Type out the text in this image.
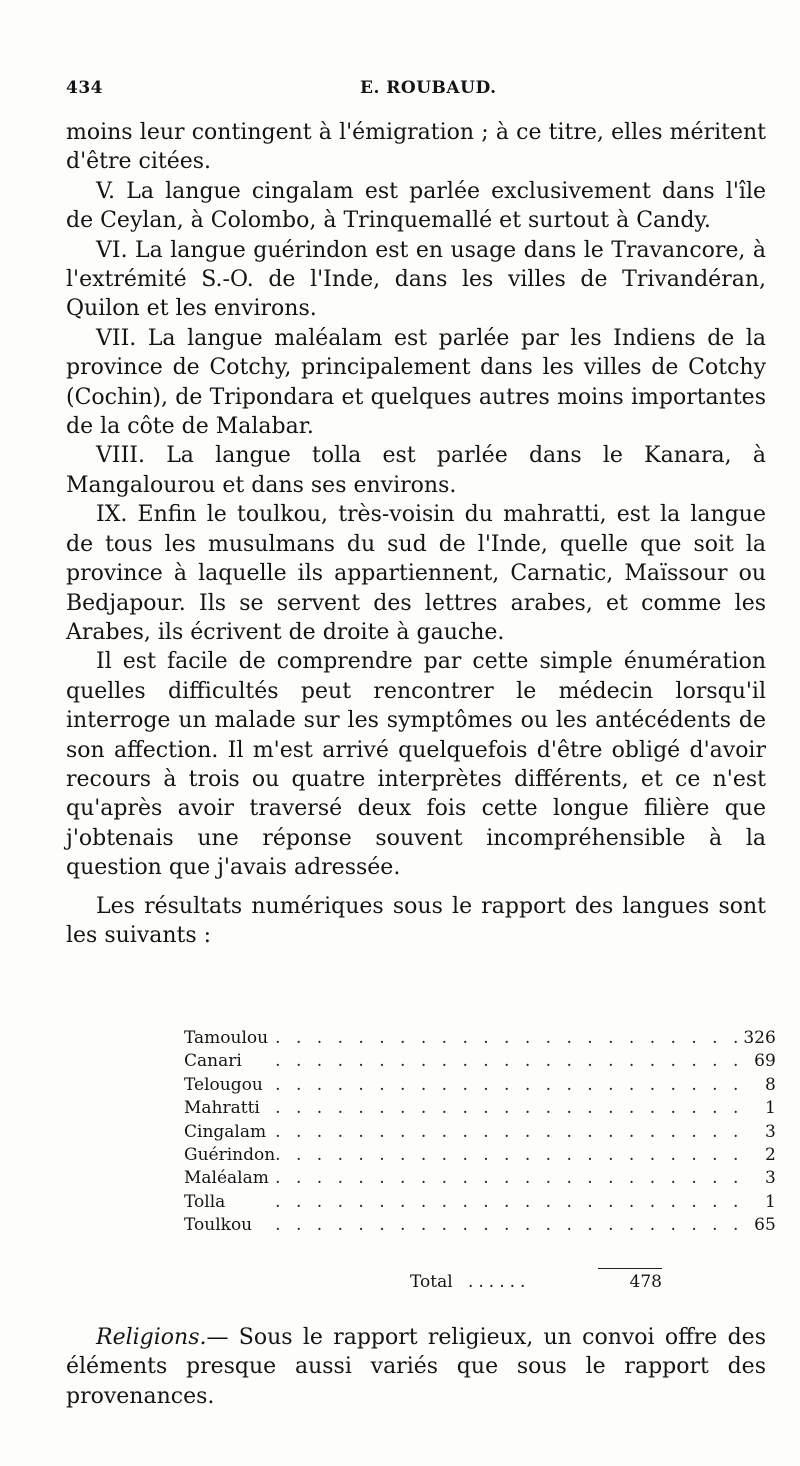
434	E. ROUBAUD.

moins leur contingent à l'émigration ; à ce titre, elles méritent d'être citées.

V. La langue cingalam est parlée exclusivement dans l'île de Ceylan, à Colombo, à Trinquemallé et surtout à Candy.

VI. La langue guérindon est en usage dans le Travancore, à l'extrémité S.-O. de l'Inde, dans les villes de Trivandéran, Quilon et les environs.

VII. La langue maléalam est parlée par les Indiens de la province de Cotchy, principalement dans les villes de Cotchy (Cochin), de Tripondara et quelques autres moins importantes de la côte de Malabar.

VIII. La langue tolla est parlée dans le Kanara, à Mangalourou et dans ses environs.

IX. Enfin le toulkou, très-voisin du mahratti, est la langue de tous les musulmans du sud de l'Inde, quelle que soit la province à laquelle ils appartiennent, Carnatic, Maïssour ou Bedjapour. Ils se servent des lettres arabes, et comme les Arabes, ils écrivent de droite à gauche.

Il est facile de comprendre par cette simple énumération quelles difficultés peut rencontrer le médecin lorsqu'il interroge un malade sur les symptômes ou les antécédents de son affection. Il m'est arrivé quelquefois d'être obligé d'avoir recours à trois ou quatre interprètes différents, et ce n'est qu'après avoir traversé deux fois cette longue filière que j'obtenais une réponse souvent incompréhensible à la question que j'avais adressée.

Les résultats numériques sous le rapport des langues sont les suivants :

Tamoulou	. . . . . . . . . . . . . . . . . . . . . . .	326
Canari	. . . . . . . . . . . . . . . . . . . . . . .	69
Telougou	. . . . . . . . . . . . . . . . . . . . . . .	8
Mahratti	. . . . . . . . . . . . . . . . . . . . . . .	1
Cingalam	. . . . . . . . . . . . . . . . . . . . . . .	3
Guérindon	. . . . . . . . . . . . . . . . . . . . . . .	2
Maléalam	. . . . . . . . . . . . . . . . . . . . . . .	3
Tolla	. . . . . . . . . . . . . . . . . . . . . . .	1
Toulkou	. . . . . . . . . . . . . . . . . . . . . . .	65
Total ......	478

Religions.— Sous le rapport religieux, un convoi offre des éléments presque aussi variés que sous le rapport des provenances.
